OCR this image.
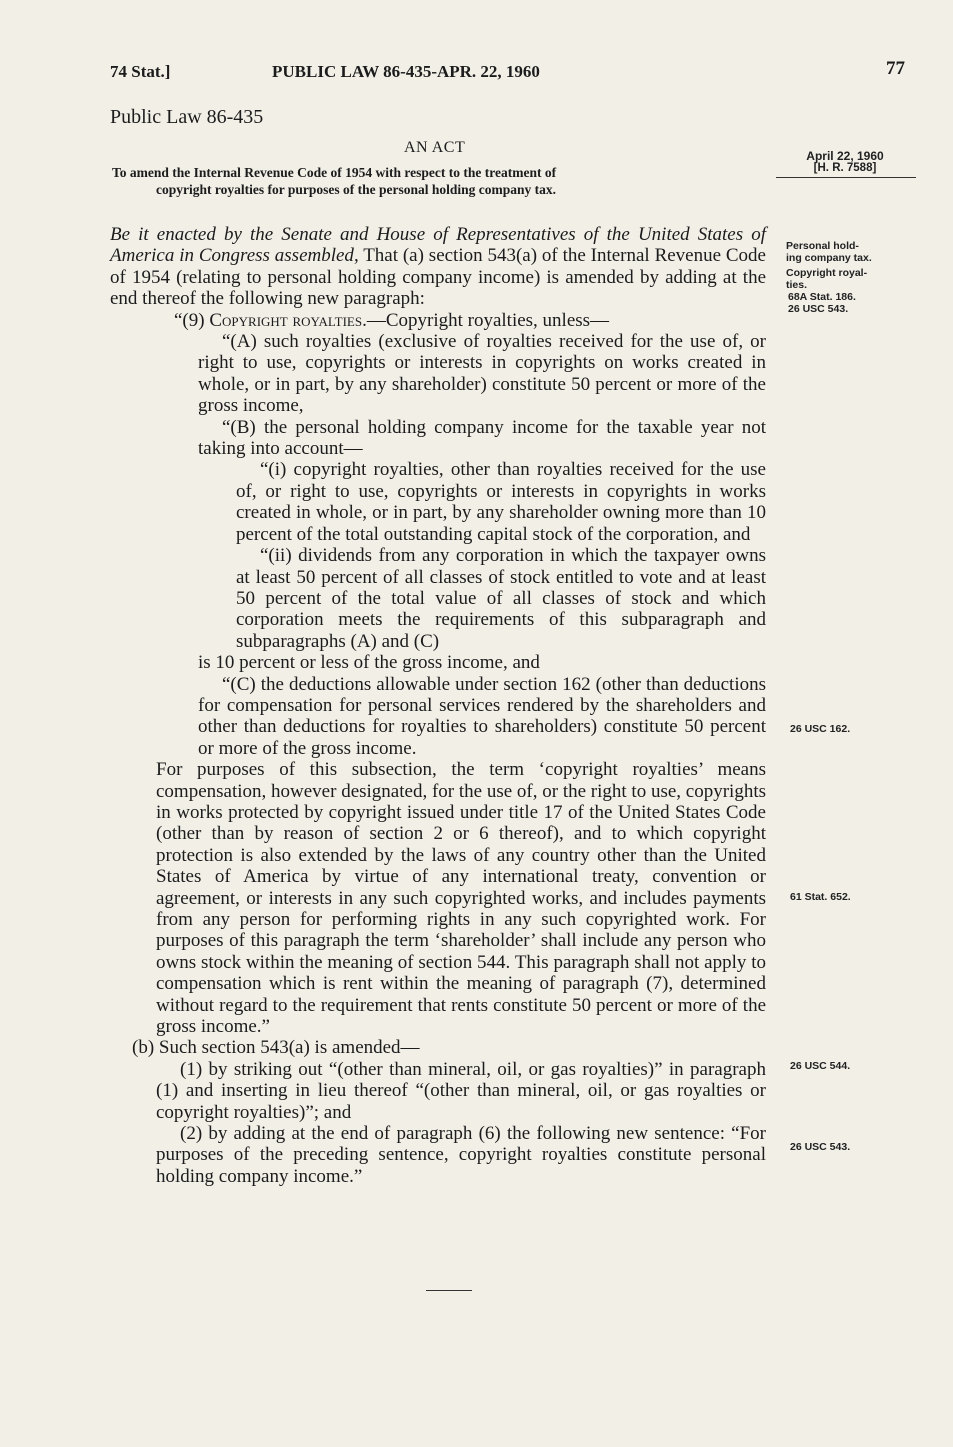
74 Stat.]	PUBLIC LAW 86-435-APR. 22, 1960	77
Public Law 86-435
AN ACT
To amend the Internal Revenue Code of 1954 with respect to the treatment of
copyright royalties for purposes of the personal holding company tax.
April 22, 1960
[H. R. 7588]
Personal hold-
ing company tax.
Copyright royal-
ties.
68A Stat. 186.
26 USC 543.
26 USC 162.
61 Stat. 652.
26 USC 544.
26 USC 543.

Be it enacted by the Senate and House of Representatives of the United States of America in Congress assembled, That (a) section 543(a) of the Internal Revenue Code of 1954 (relating to personal holding company income) is amended by adding at the end thereof the following new paragraph:

“(9) Copyright royalties.—Copyright royalties, unless—

“(A) such royalties (exclusive of royalties received for the use of, or right to use, copyrights or interests in copyrights on works created in whole, or in part, by any shareholder) constitute 50 percent or more of the gross income,

“(B) the personal holding company income for the taxable year not taking into account—

“(i) copyright royalties, other than royalties received for the use of, or right to use, copyrights or interests in copyrights in works created in whole, or in part, by any shareholder owning more than 10 percent of the total outstanding capital stock of the corporation, and

“(ii) dividends from any corporation in which the taxpayer owns at least 50 percent of all classes of stock entitled to vote and at least 50 percent of the total value of all classes of stock and which corporation meets the requirements of this subparagraph and subparagraphs (A) and (C)

is 10 percent or less of the gross income, and

“(C) the deductions allowable under section 162 (other than deductions for compensation for personal services rendered by the shareholders and other than deductions for royalties to shareholders) constitute 50 percent or more of the gross income.

For purposes of this subsection, the term ‘copyright royalties’ means compensation, however designated, for the use of, or the right to use, copyrights in works protected by copyright issued under title 17 of the United States Code (other than by reason of section 2 or 6 thereof), and to which copyright protection is also extended by the laws of any country other than the United States of America by virtue of any international treaty, convention or agreement, or interests in any such copyrighted works, and includes payments from any person for performing rights in any such copyrighted work. For purposes of this paragraph the term ‘shareholder’ shall include any person who owns stock within the meaning of section 544. This paragraph shall not apply to compensation which is rent within the meaning of paragraph (7), determined without regard to the requirement that rents constitute 50 percent or more of the gross income.”

(b) Such section 543(a) is amended—

(1) by striking out “(other than mineral, oil, or gas royalties)” in paragraph (1) and inserting in lieu thereof “(other than mineral, oil, or gas royalties or copyright royalties)”; and

(2) by adding at the end of paragraph (6) the following new sentence: “For purposes of the preceding sentence, copyright royalties constitute personal holding company income.”
